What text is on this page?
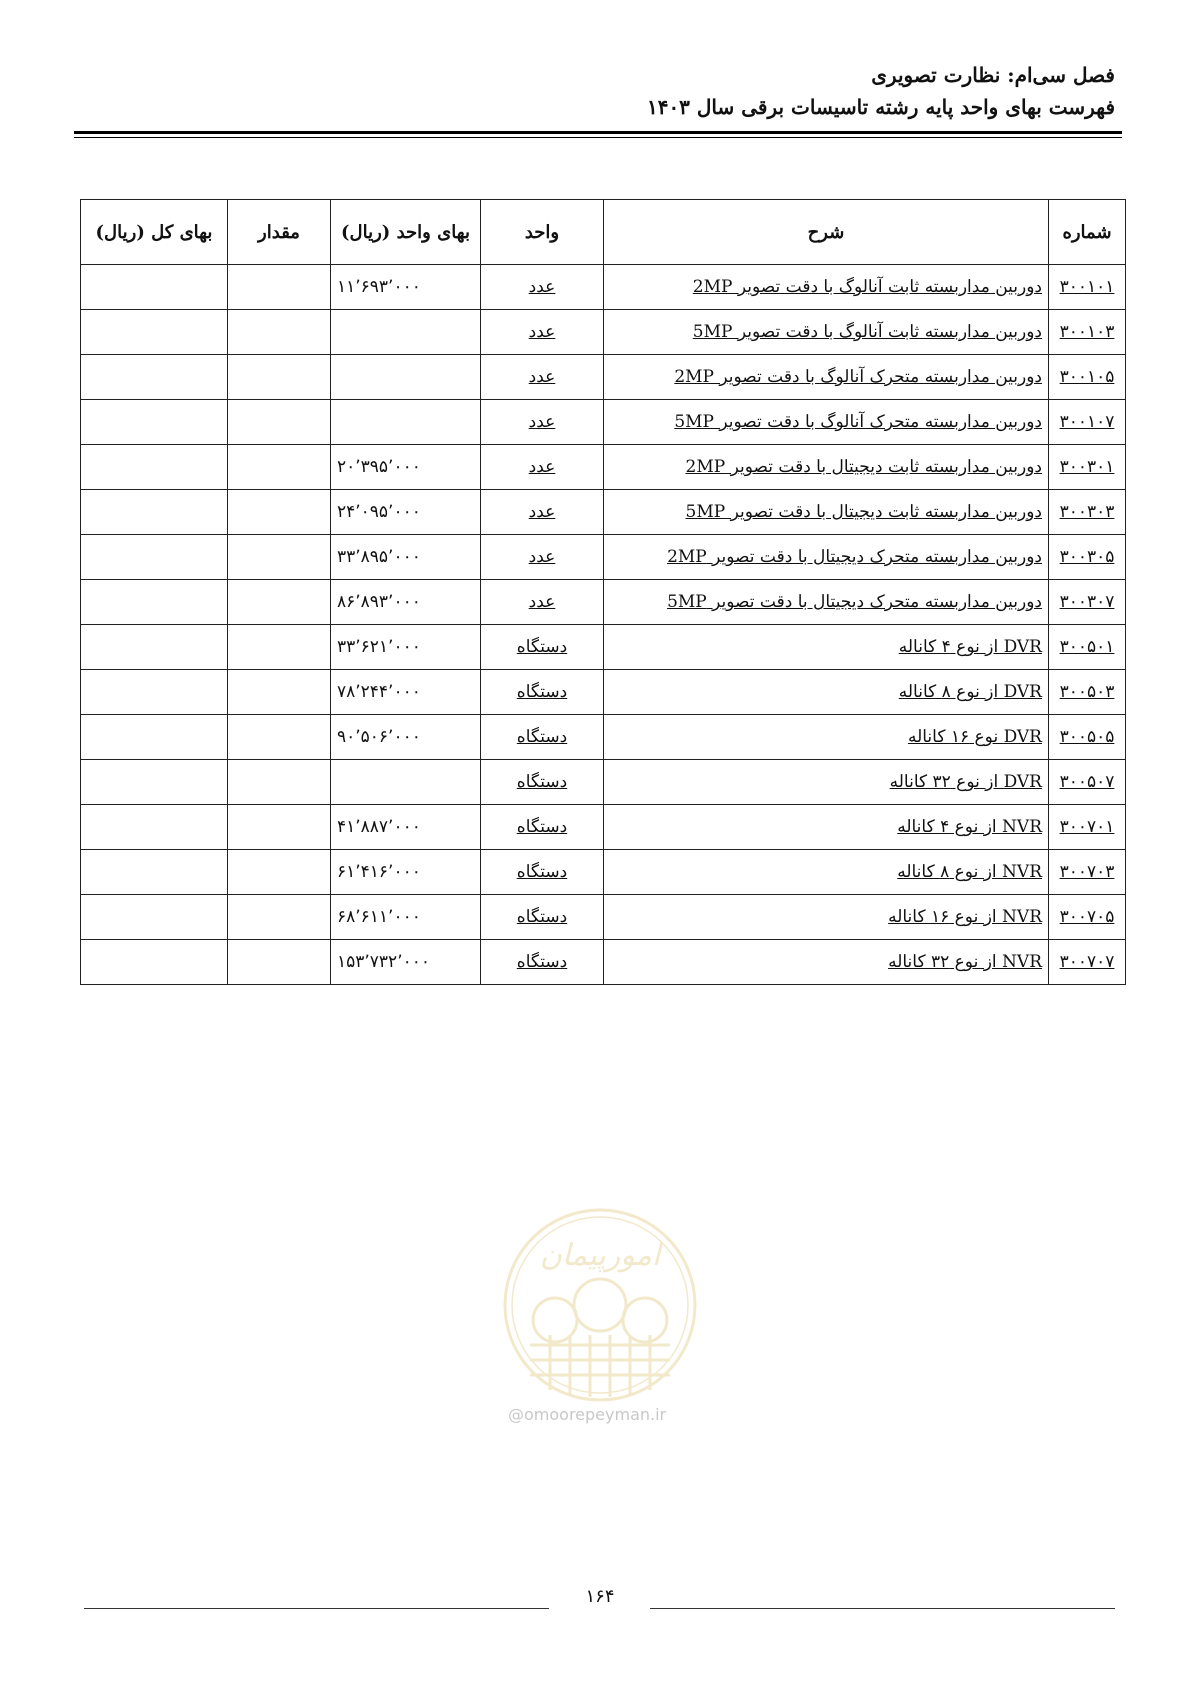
فصل سی‌ام: نظارت تصویری
فهرست بهای واحد پایه رشته تاسیسات برقی سال ۱۴۰۳
شماره	شرح	واحد	بهای واحد (ریال)	مقدار	بهای کل (ریال)
۳۰۰۱۰۱	دوربین مداربسته ثابت آنالوگ با دقت تصویر 2MP	عدد	۱۱٬۶۹۳٬۰۰۰		
۳۰۰۱۰۳	دوربین مداربسته ثابت آنالوگ با دقت تصویر 5MP	عدد			
۳۰۰۱۰۵	دوربین مداربسته متحرک آنالوگ با دقت تصویر 2MP	عدد			
۳۰۰۱۰۷	دوربین مداربسته متحرک آنالوگ با دقت تصویر 5MP	عدد			
۳۰۰۳۰۱	دوربین مداربسته ثابت دیجیتال با دقت تصویر 2MP	عدد	۲۰٬۳۹۵٬۰۰۰		
۳۰۰۳۰۳	دوربین مداربسته ثابت دیجیتال با دقت تصویر 5MP	عدد	۲۴٬۰۹۵٬۰۰۰		
۳۰۰۳۰۵	دوربین مداربسته متحرک دیجیتال با دقت تصویر 2MP	عدد	۳۳٬۸۹۵٬۰۰۰		
۳۰۰۳۰۷	دوربین مداربسته متحرک دیجیتال با دقت تصویر 5MP	عدد	۸۶٬۸۹۳٬۰۰۰		
۳۰۰۵۰۱	DVR از نوع ۴ کاناله	دستگاه	۳۳٬۶۲۱٬۰۰۰		
۳۰۰۵۰۳	DVR از نوع ۸ کاناله	دستگاه	۷۸٬۲۴۴٬۰۰۰		
۳۰۰۵۰۵	DVR نوع ۱۶ کاناله	دستگاه	۹۰٬۵۰۶٬۰۰۰		
۳۰۰۵۰۷	DVR از نوع ۳۲ کاناله	دستگاه			
۳۰۰۷۰۱	NVR از نوع ۴ کاناله	دستگاه	۴۱٬۸۸۷٬۰۰۰		
۳۰۰۷۰۳	NVR از نوع ۸ کاناله	دستگاه	۶۱٬۴۱۶٬۰۰۰		
۳۰۰۷۰۵	NVR از نوع ۱۶ کاناله	دستگاه	۶۸٬۶۱۱٬۰۰۰		
۳۰۰۷۰۷	NVR از نوع ۳۲ کاناله	دستگاه	۱۵۳٬۷۳۲٬۰۰۰		
امورپیمان
@omoorepeyman.ir
۱۶۴
